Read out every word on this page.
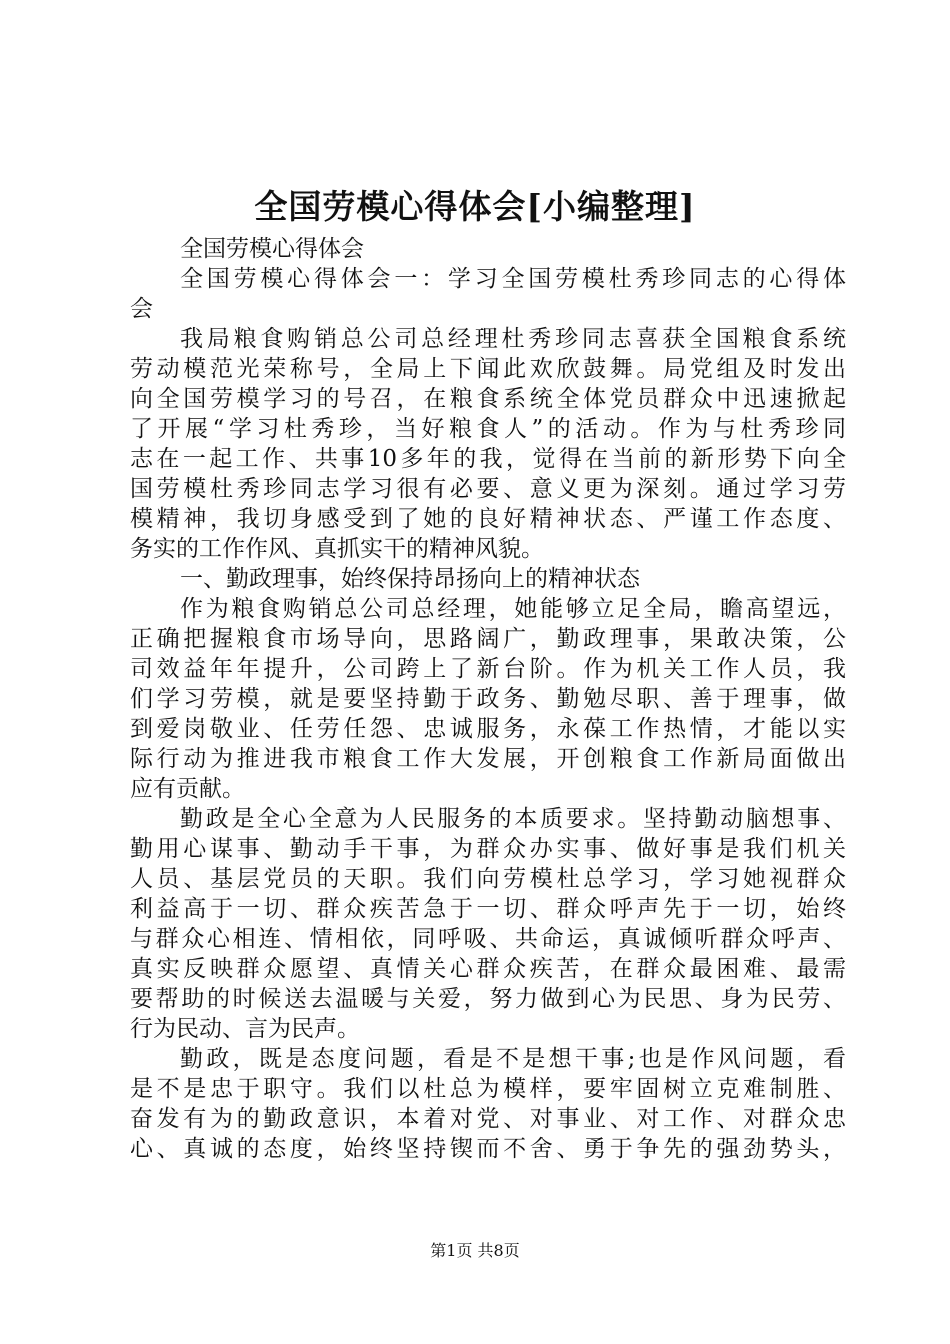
全国劳模心得体会[小编整理]
全国劳模心得体会
全国劳模心得体会一：学习全国劳模杜秀珍同志的心得体
会
我局粮食购销总公司总经理杜秀珍同志喜获全国粮食系统
劳动模范光荣称号，全局上下闻此欢欣鼓舞。局党组及时发出
向全国劳模学习的号召，在粮食系统全体党员群众中迅速掀起
了开展“学习杜秀珍，当好粮食人”的活动。作为与杜秀珍同
志在一起工作、共事10多年的我，觉得在当前的新形势下向全
国劳模杜秀珍同志学习很有必要、意义更为深刻。通过学习劳
模精神，我切身感受到了她的良好精神状态、严谨工作态度、
务实的工作作风、真抓实干的精神风貌。
一、勤政理事，始终保持昂扬向上的精神状态
作为粮食购销总公司总经理，她能够立足全局，瞻高望远，
正确把握粮食市场导向，思路阔广，勤政理事，果敢决策，公
司效益年年提升，公司跨上了新台阶。作为机关工作人员，我
们学习劳模，就是要坚持勤于政务、勤勉尽职、善于理事，做
到爱岗敬业、任劳任怨、忠诚服务，永葆工作热情，才能以实
际行动为推进我市粮食工作大发展，开创粮食工作新局面做出
应有贡献。
勤政是全心全意为人民服务的本质要求。坚持勤动脑想事、
勤用心谋事、勤动手干事，为群众办实事、做好事是我们机关
人员、基层党员的天职。我们向劳模杜总学习，学习她视群众
利益高于一切、群众疾苦急于一切、群众呼声先于一切，始终
与群众心相连、情相依，同呼吸、共命运，真诚倾听群众呼声、
真实反映群众愿望、真情关心群众疾苦，在群众最困难、最需
要帮助的时候送去温暖与关爱，努力做到心为民思、身为民劳、
行为民动、言为民声。
勤政，既是态度问题，看是不是想干事;也是作风问题，看
是不是忠于职守。我们以杜总为模样，要牢固树立克难制胜、
奋发有为的勤政意识，本着对党、对事业、对工作、对群众忠
心、真诚的态度，始终坚持锲而不舍、勇于争先的强劲势头，
第1页 共8页
